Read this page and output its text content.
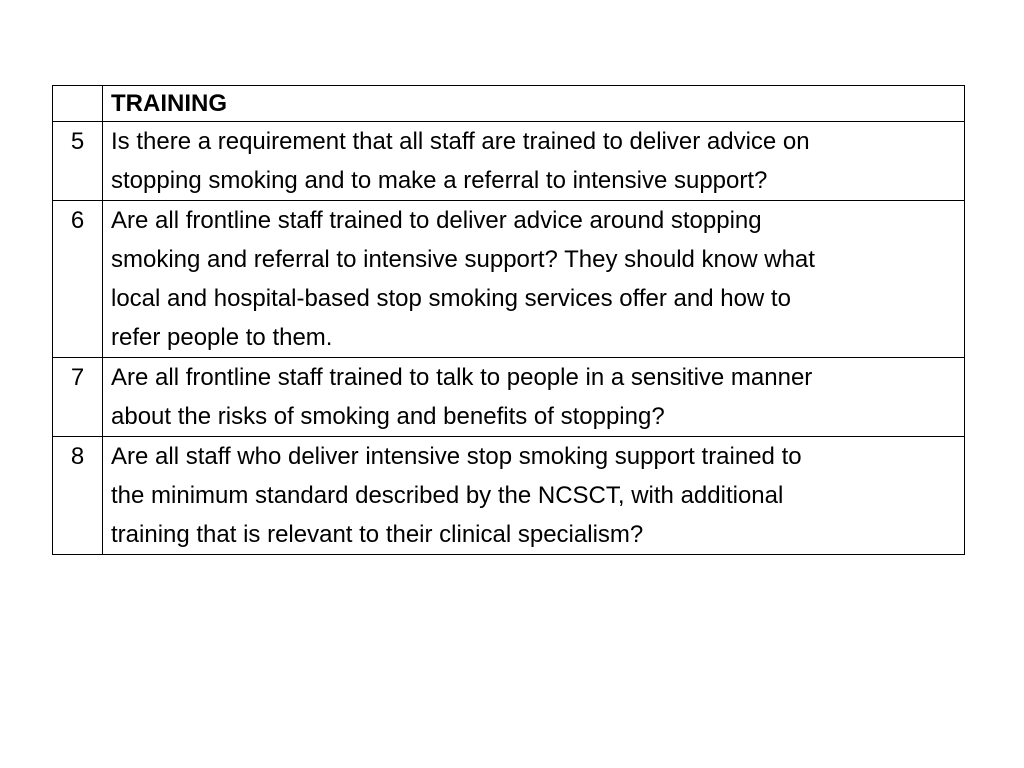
	TRAINING
5	Is there a requirement that all staff are trained to deliver advice on
stopping smoking and to make a referral to intensive support?

6	Are all frontline staff trained to deliver advice around stopping
smoking and referral to intensive support? They should know what
local and hospital-based stop smoking services offer and how to
refer people to them.

7	Are all frontline staff trained to talk to people in a sensitive manner
about the risks of smoking and benefits of stopping?

8	Are all staff who deliver intensive stop smoking support trained to
the minimum standard described by the NCSCT, with additional
training that is relevant to their clinical specialism?
